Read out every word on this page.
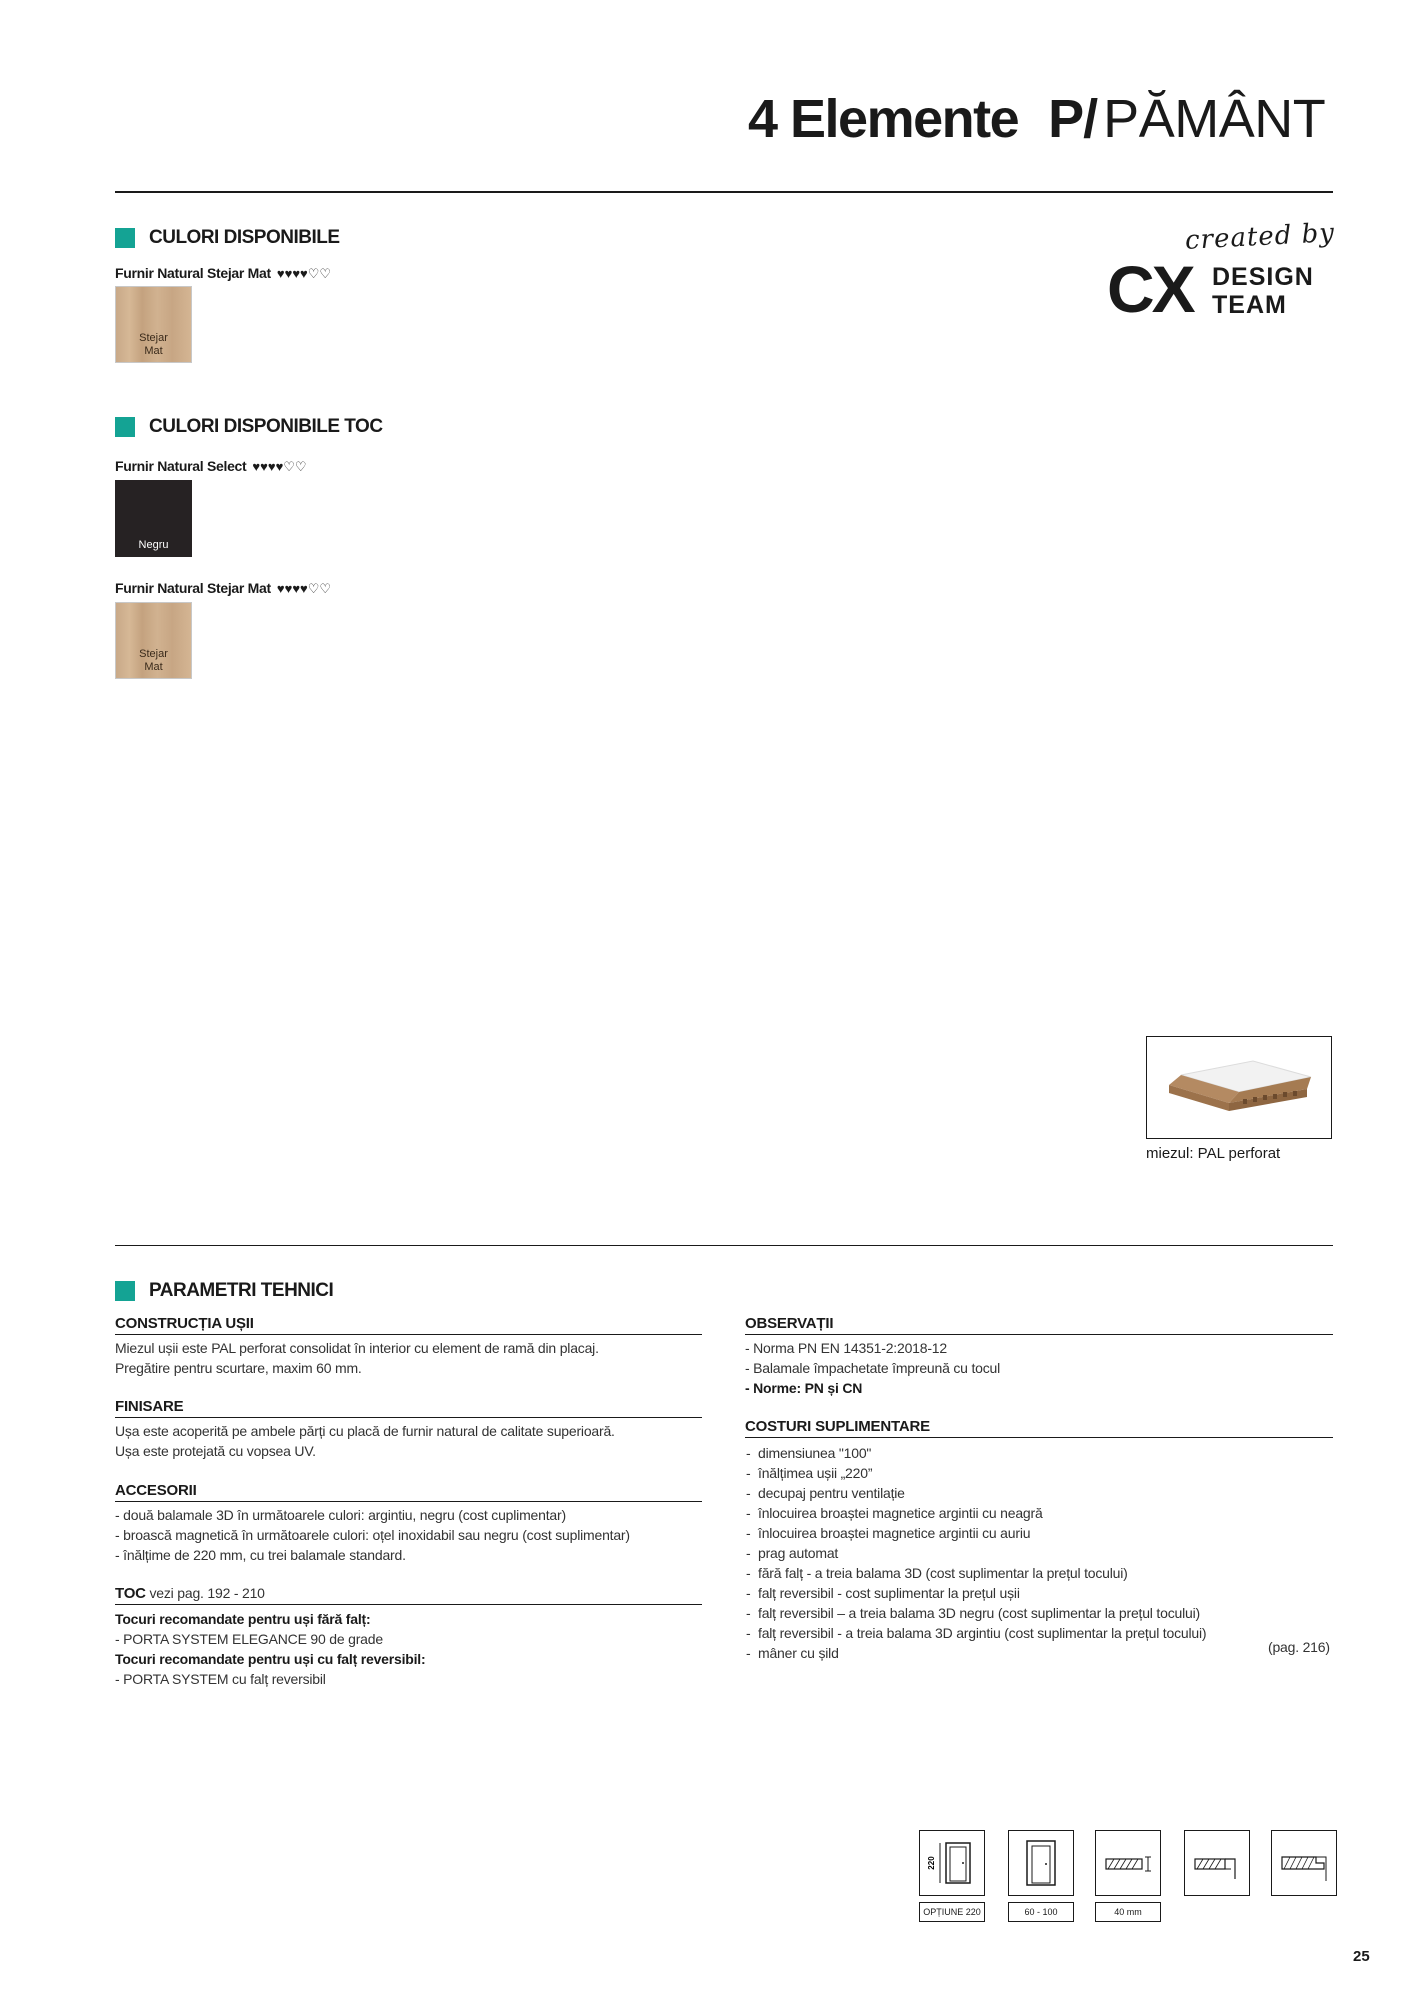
4 Elemente P/ PĂMÂNT
created by
CX DESIGN
TEAM
CULORI DISPONIBILE
Furnir Natural Stejar Mat ♥♥♥♥♡♡
Stejar
Mat
CULORI DISPONIBILE TOC
Furnir Natural Select ♥♥♥♥♡♡
Negru
Furnir Natural Stejar Mat ♥♥♥♥♡♡
Stejar
Mat
miezul: PAL perforat
PARAMETRI TEHNICI
CONSTRUCȚIA UȘII
Miezul ușii este PAL perforat consolidat în interior cu element de ramă din placaj.
Pregătire pentru scurtare, maxim 60 mm.
FINISARE
Ușa este acoperită pe ambele părți cu placă de furnir natural de calitate superioară.
Ușa este protejată cu vopsea UV.
ACCESORII
- două balamale 3D în următoarele culori: argintiu, negru (cost cuplimentar)
- broască magnetică în următoarele culori: oțel inoxidabil sau negru (cost suplimentar)
- înălțime de 220 mm, cu trei balamale standard.
TOC vezi pag. 192 - 210
Tocuri recomandate pentru uși fără falț:
- PORTA SYSTEM ELEGANCE 90 de grade
Tocuri recomandate pentru uși cu falț reversibil:
- PORTA SYSTEM cu falț reversibil
OBSERVAȚII
- Norma PN EN 14351-2:2018-12
- Balamale împachetate împreună cu tocul
- Norme: PN și CN
COSTURI SUPLIMENTARE
- dimensiunea "100"
- înălțimea ușii „220”
- decupaj pentru ventilație
- înlocuirea broaștei magnetice argintii cu neagră
- înlocuirea broaștei magnetice argintii cu auriu
- prag automat
- fără falț - a treia balama 3D (cost suplimentar la prețul tocului)
- falț reversibil - cost suplimentar la prețul ușii
- falț reversibil – a treia balama 3D negru (cost suplimentar la prețul tocului)
- falț reversibil - a treia balama 3D argintiu (cost suplimentar la prețul tocului)
- mâner cu șild	(pag. 216)
220
OPȚIUNE 220	60 - 100	40 mm
25
